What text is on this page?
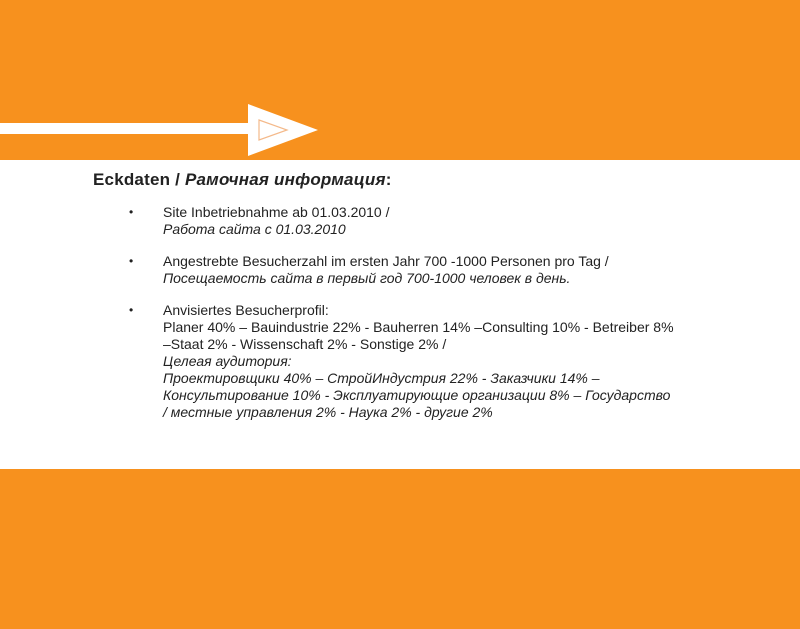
Eckdaten / Рамочная информация:
• Site Inbetriebnahme ab 01.03.2010 /
Работа сайта с 01.03.2010
• Angestrebte Besucherzahl im ersten Jahr 700 -1000 Personen pro Tag /
Посещаемость сайта в первый год 700-1000 человек в день.
• Anvisiertes Besucherprofil:
Planer 40% – Bauindustrie 22% - Bauherren 14% –Consulting 10% - Betreiber 8%
–Staat 2% - Wissenschaft 2% - Sonstige 2% /
Целеая аудитория:
Проектировщики 40% – СтройИндустрия 22% - Заказчики 14% –
Консультирование 10% - Эксплуатирующие организации 8% – Государство
/ местные управления 2% - Наука 2% - другие 2%
